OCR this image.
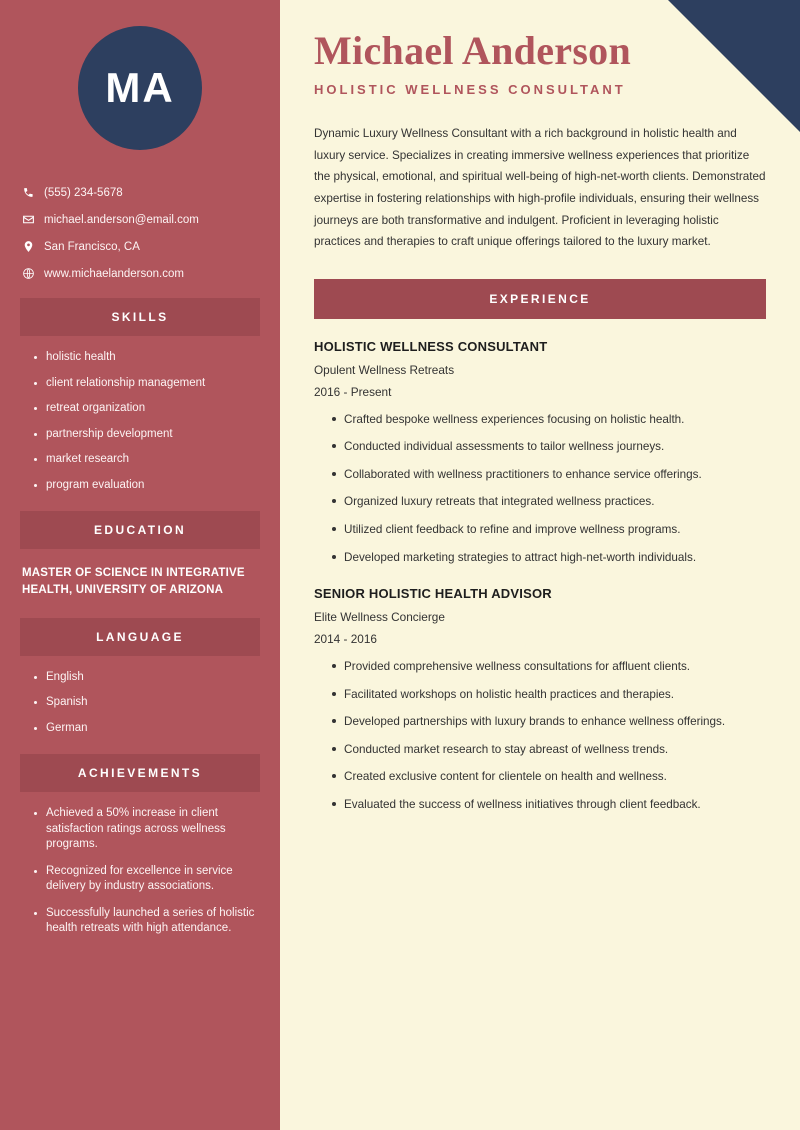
MA
(555) 234-5678
michael.anderson@email.com
San Francisco, CA
www.michaelanderson.com
SKILLS
holistic health
client relationship management
retreat organization
partnership development
market research
program evaluation
EDUCATION
MASTER OF SCIENCE IN INTEGRATIVE
HEALTH, UNIVERSITY OF ARIZONA
LANGUAGE
English
Spanish
German
ACHIEVEMENTS
Achieved a 50% increase in client satisfaction ratings across wellness programs.
Recognized for excellence in service delivery by industry associations.
Successfully launched a series of holistic health retreats with high attendance.
Michael Anderson
HOLISTIC WELLNESS CONSULTANT

Dynamic Luxury Wellness Consultant with a rich background in holistic health and luxury service. Specializes in creating immersive wellness experiences that prioritize the physical, emotional, and spiritual well-being of high-net-worth clients. Demonstrated expertise in fostering relationships with high-profile individuals, ensuring their wellness journeys are both transformative and indulgent. Proficient in leveraging holistic practices and therapies to craft unique offerings tailored to the luxury market.

EXPERIENCE
HOLISTIC WELLNESS CONSULTANT
Opulent Wellness Retreats
2016 - Present
Crafted bespoke wellness experiences focusing on holistic health.
Conducted individual assessments to tailor wellness journeys.
Collaborated with wellness practitioners to enhance service offerings.
Organized luxury retreats that integrated wellness practices.
Utilized client feedback to refine and improve wellness programs.
Developed marketing strategies to attract high-net-worth individuals.
SENIOR HOLISTIC HEALTH ADVISOR
Elite Wellness Concierge
2014 - 2016
Provided comprehensive wellness consultations for affluent clients.
Facilitated workshops on holistic health practices and therapies.
Developed partnerships with luxury brands to enhance wellness offerings.
Conducted market research to stay abreast of wellness trends.
Created exclusive content for clientele on health and wellness.
Evaluated the success of wellness initiatives through client feedback.
